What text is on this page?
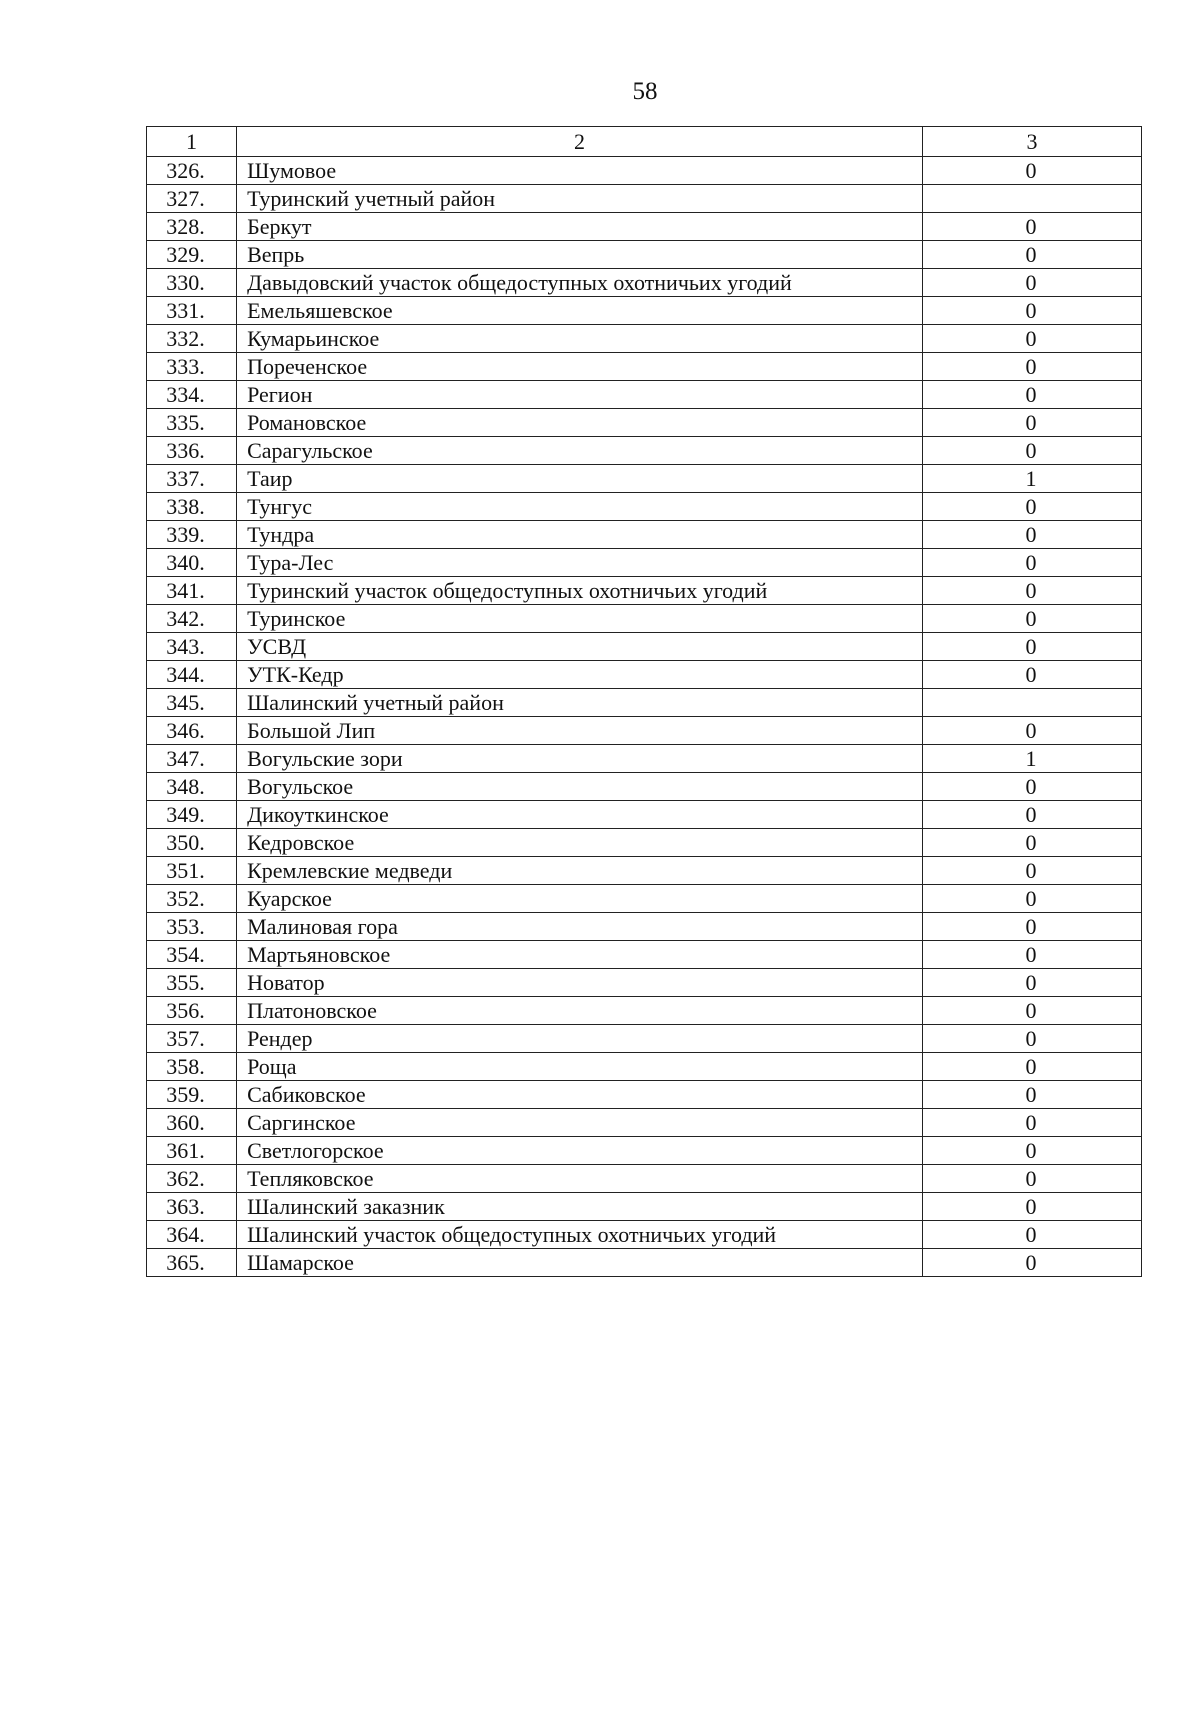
58
1	2	3
326.	Шумовое	0
327.	Туринский учетный район	
328.	Беркут	0
329.	Вепрь	0
330.	Давыдовский участок общедоступных охотничьих угодий	0
331.	Емельяшевское	0
332.	Кумарьинское	0
333.	Пореченское	0
334.	Регион	0
335.	Романовское	0
336.	Сарагульское	0
337.	Таир	1
338.	Тунгус	0
339.	Тундра	0
340.	Тура-Лес	0
341.	Туринский участок общедоступных охотничьих угодий	0
342.	Туринское	0
343.	УСВД	0
344.	УТК-Кедр	0
345.	Шалинский учетный район	
346.	Большой Лип	0
347.	Вогульские зори	1
348.	Вогульское	0
349.	Дикоуткинское	0
350.	Кедровское	0
351.	Кремлевские медведи	0
352.	Куарское	0
353.	Малиновая гора	0
354.	Мартьяновское	0
355.	Новатор	0
356.	Платоновское	0
357.	Рендер	0
358.	Роща	0
359.	Сабиковское	0
360.	Саргинское	0
361.	Светлогорское	0
362.	Тепляковское	0
363.	Шалинский заказник	0
364.	Шалинский участок общедоступных охотничьих угодий	0
365.	Шамарское	0
